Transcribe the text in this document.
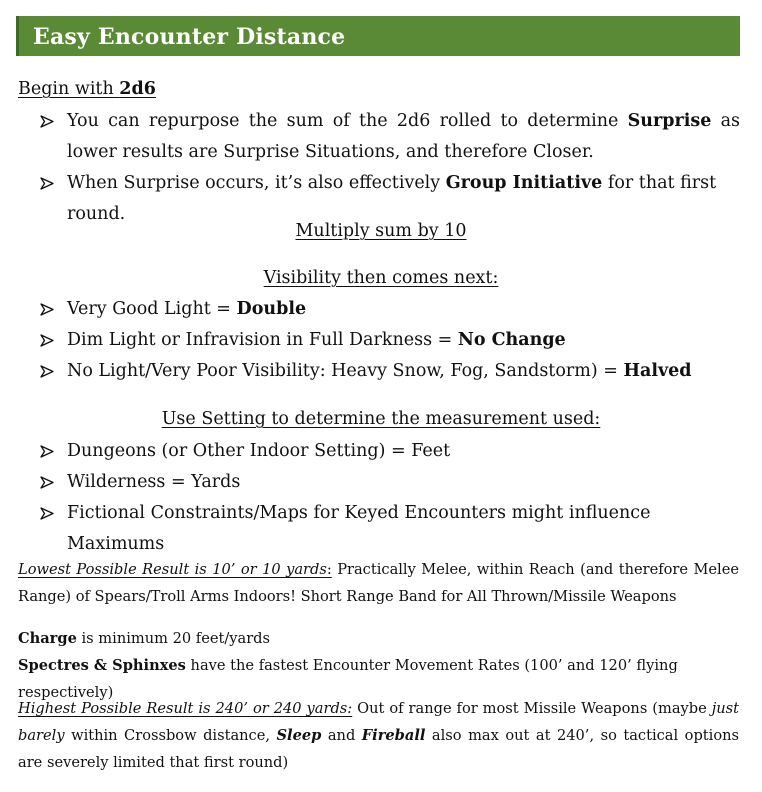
Easy Encounter Distance
Begin with 2d6
You can repurpose the sum of the 2d6 rolled to determine Surprise as lower results are Surprise Situations, and therefore Closer.
When Surprise occurs, it’s also effectively Group Initiative for that first round.
Multiply sum by 10
Visibility then comes next:
Very Good Light = Double
Dim Light or Infravision in Full Darkness = No Change
No Light/Very Poor Visibility: Heavy Snow, Fog, Sandstorm) = Halved
Use Setting to determine the measurement used:
Dungeons (or Other Indoor Setting) = Feet
Wilderness = Yards
Fictional Constraints/Maps for Keyed Encounters might influence Maximums

Lowest Possible Result is 10’ or 10 yards: Practically Melee, within Reach (and therefore Melee Range) of Spears/Troll Arms Indoors! Short Range Band for All Thrown/Missile Weapons

Charge is minimum 20 feet/yards

Spectres & Sphinxes have the fastest Encounter Movement Rates (100’ and 120’ flying respectively)

Highest Possible Result is 240’ or 240 yards: Out of range for most Missile Weapons (maybe just barely within Crossbow distance, Sleep and Fireball also max out at 240’, so tactical options are severely limited that first round)
